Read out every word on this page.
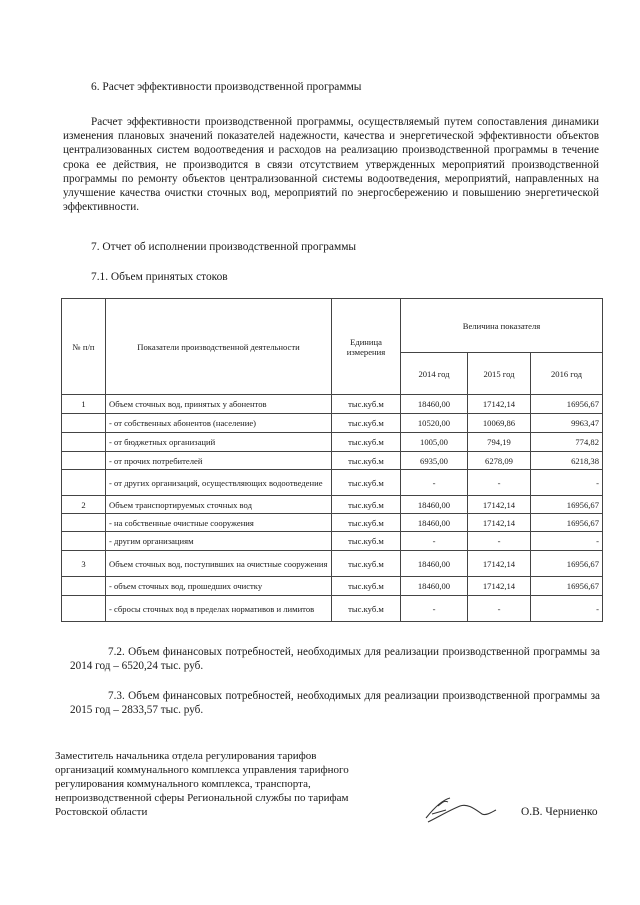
6. Расчет эффективности производственной программы
Расчет эффективности производственной программы, осуществляемый путем сопоставления динамики изменения плановых значений показателей надежности, качества и энергетической эффективности объектов централизованных систем водоотведения и расходов на реализацию производственной программы в течение срока ее действия, не производится в связи отсутствием утвержденных мероприятий производственной программы по ремонту объектов централизованной системы водоотведения, мероприятий, направленных на улучшение качества очистки сточных вод, мероприятий по энергосбережению и повышению энергетической эффективности.
7. Отчет об исполнении производственной программы
7.1. Объем принятых стоков
№ п/п	Показатели производственной деятельности	Единица измерения	Величина показателя		
			2014 год	2015 год	2016 год
1	Объем сточных вод, принятых у абонентов	тыс.куб.м	18460,00	17142,14	16956,67
	- от собственных абонентов (население)	тыс.куб.м	10520,00	10069,86	9963,47
	- от бюджетных организаций	тыс.куб.м	1005,00	794,19	774,82
	- от прочих потребителей	тыс.куб.м	6935,00	6278,09	6218,38
	- от других организаций, осуществляющих водоотведение	тыс.куб.м	-	-	-
2	Объем транспортируемых сточных вод	тыс.куб.м	18460,00	17142,14	16956,67
	- на собственные очистные сооружения	тыс.куб.м	18460,00	17142,14	16956,67
	- другим организациям	тыс.куб.м	-	-	-
3	Объем сточных вод, поступивших на очистные сооружения	тыс.куб.м	18460,00	17142,14	16956,67
	- объем сточных вод, прошедших очистку	тыс.куб.м	18460,00	17142,14	16956,67
	- сбросы сточных вод в пределах нормативов и лимитов	тыс.куб.м	-	-	-
7.2. Объем финансовых потребностей, необходимых для реализации производственной программы за 2014 год – 6520,24 тыс. руб.
7.3. Объем финансовых потребностей, необходимых для реализации производственной программы за 2015 год – 2833,57 тыс. руб.
Заместитель начальника отдела регулирования тарифов
организаций коммунального комплекса управления тарифного
регулирования коммунального комплекса, транспорта,
непроизводственной сферы Региональной службы по тарифам
Ростовской области	О.В. Черниенко
